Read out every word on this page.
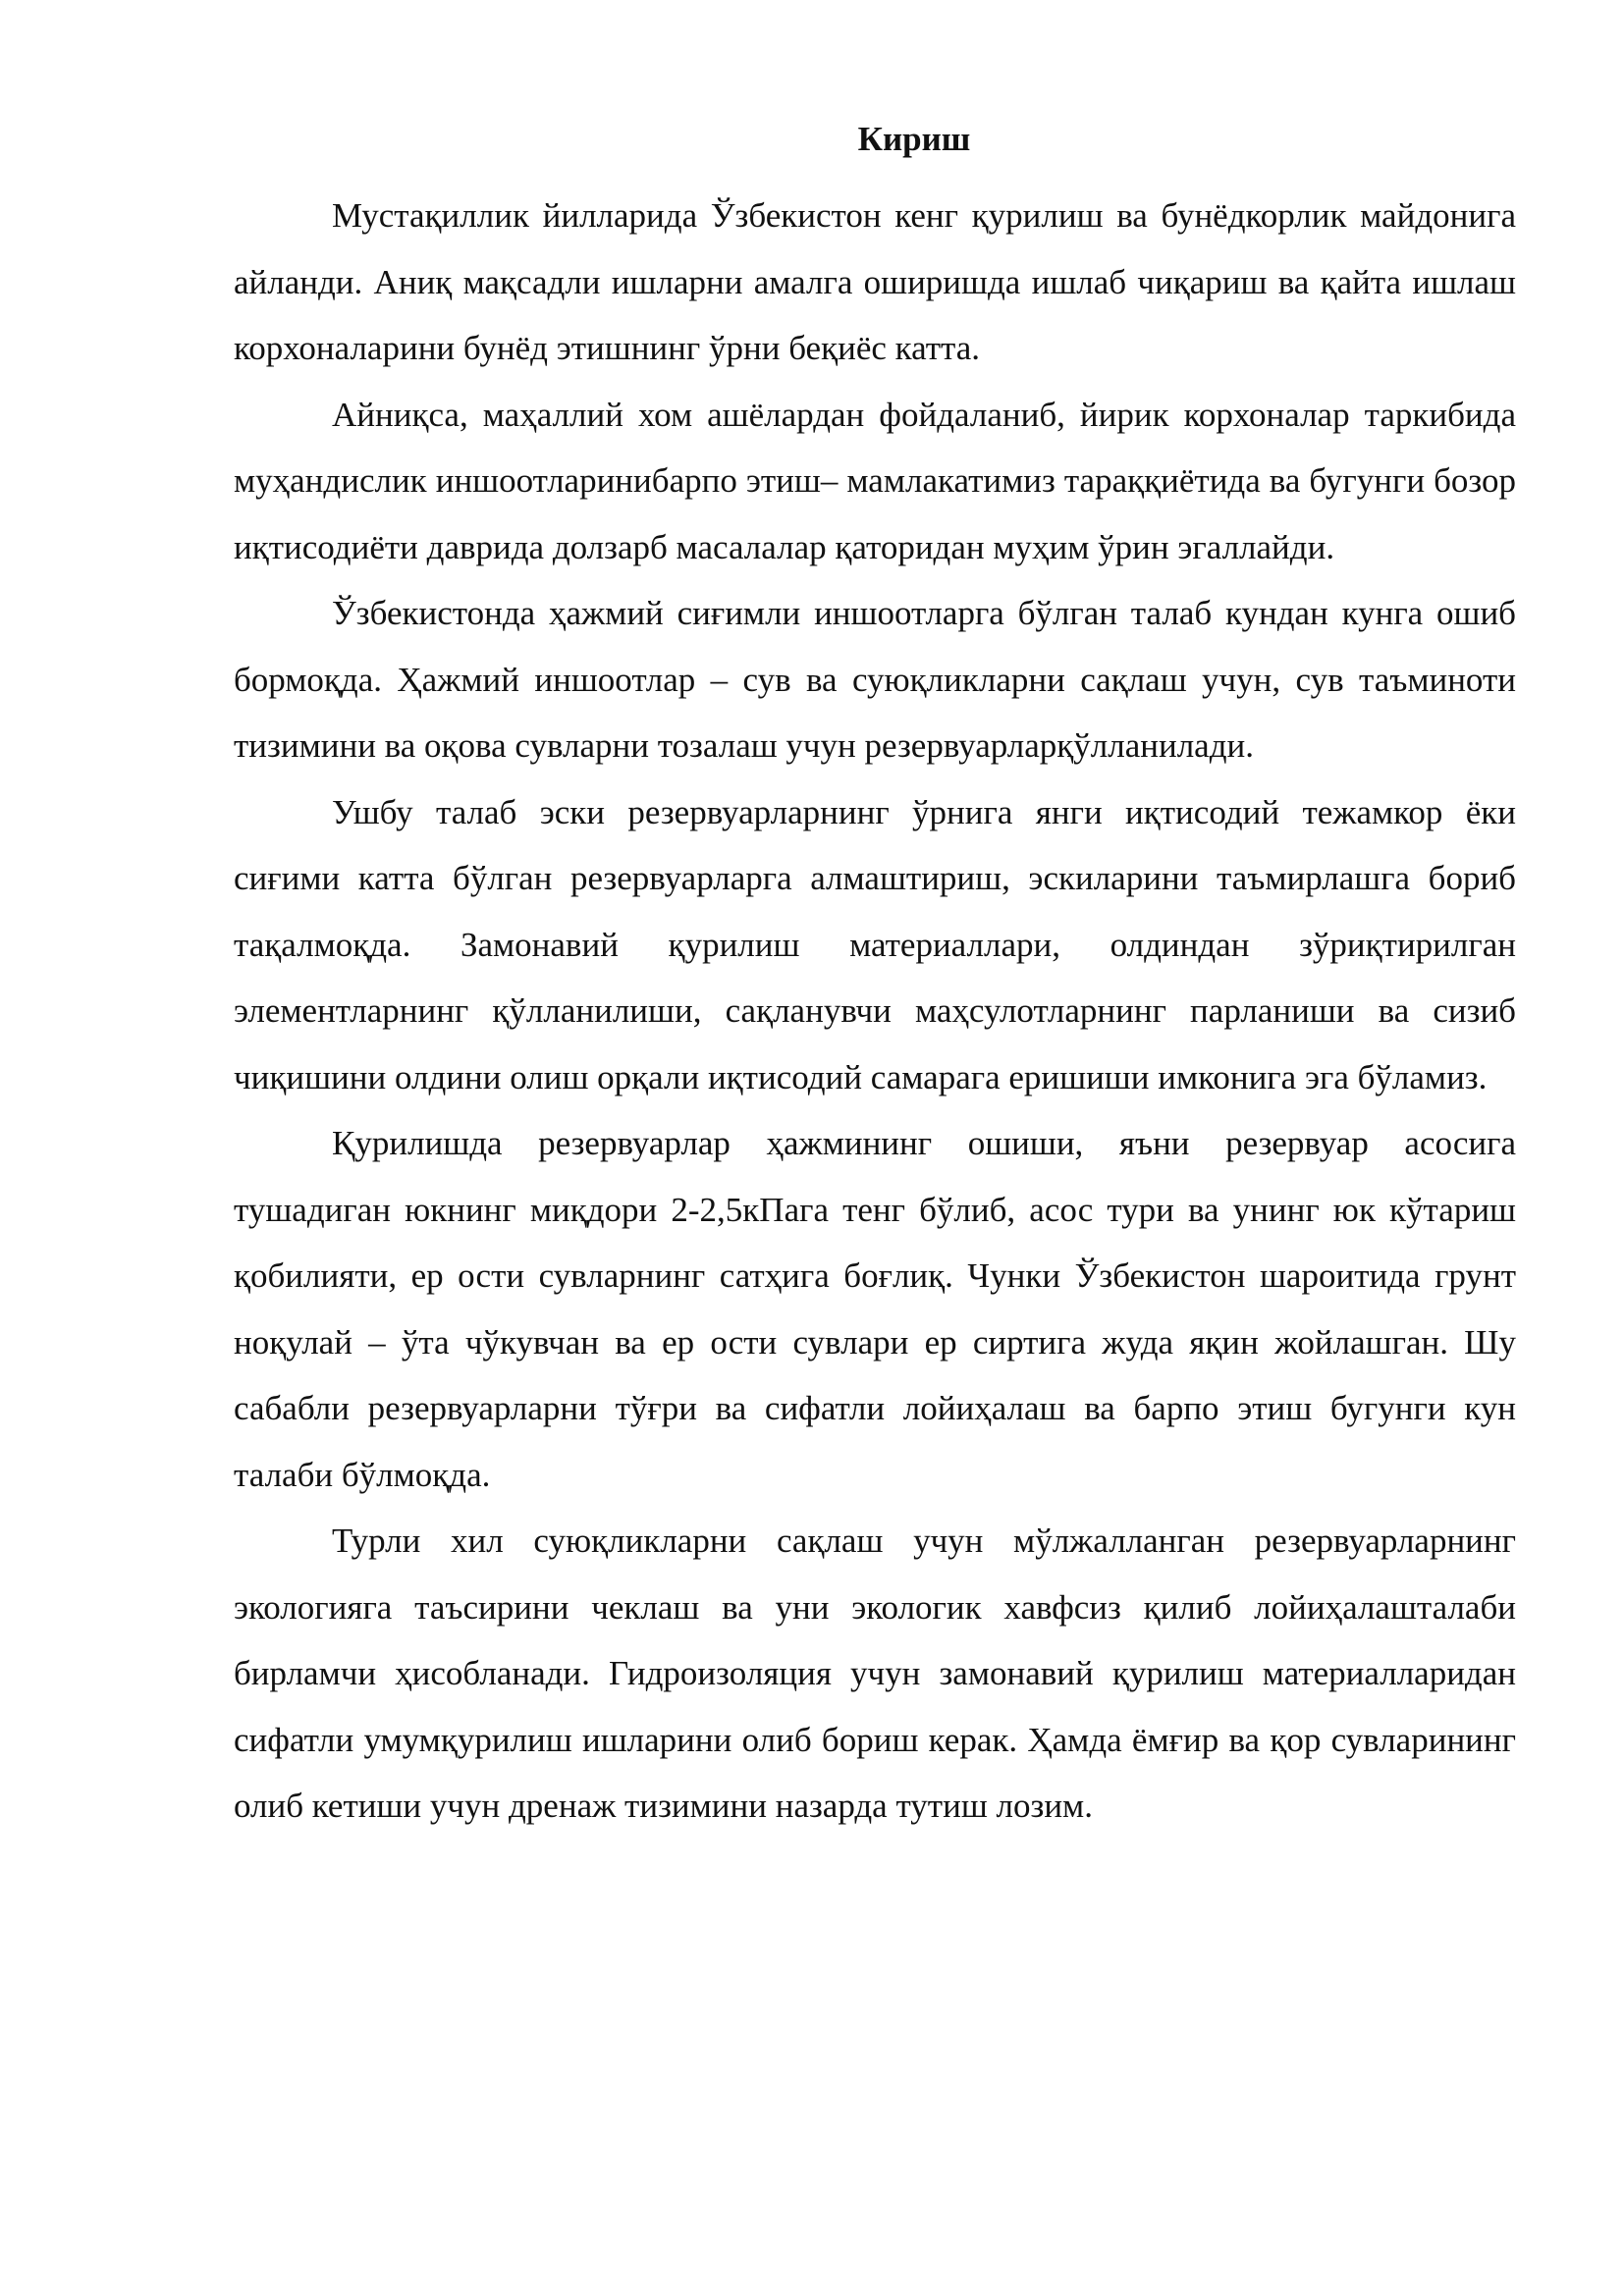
Кириш

Мустақиллик йилларида Ўзбекистон кенг қурилиш ва бунёдкорлик майдонига айланди. Аниқ мақсадли ишларни амалга оширишда ишлаб чиқариш ва қайта ишлаш корхоналарини бунёд этишнинг ўрни беқиёс катта.

Айниқса, маҳаллий хом ашёлардан фойдаланиб, йирик корхоналар таркибида муҳандислик иншоотларинибарпо этиш– мамлакатимиз тараққиётида ва бугунги бозор иқтисодиёти даврида долзарб масалалар қаторидан муҳим ўрин эгаллайди.

Ўзбекистонда ҳажмий сиғимли иншоотларга бўлган талаб кундан кунга ошиб бормоқда. Ҳажмий иншоотлар – сув ва суюқликларни сақлаш учун, сув таъминоти тизимини ва оқова сувларни тозалаш учун резервуарларқўлланилади.

Ушбу талаб эски резервуарларнинг ўрнига янги иқтисодий тежамкор ёки сиғими катта бўлган резервуарларга алмаштириш, эскиларини таъмирлашга бориб тақалмоқда. Замонавий қурилиш материаллари, олдиндан зўриқтирилган элементларнинг қўлланилиши, сақланувчи маҳсулотларнинг парланиши ва сизиб чиқишини олдини олиш орқали иқтисодий самарага еришиши имконига эга бўламиз.

Қурилишда резервуарлар ҳажмининг ошиши, яъни резервуар асосига тушадиган юкнинг миқдори 2-2,5кПага тенг бўлиб, асос тури ва унинг юк кўтариш қобилияти, ер ости сувларнинг сатҳига боғлиқ. Чунки Ўзбекистон шароитида грунт ноқулай – ўта чўкувчан ва ер ости сувлари ер сиртига жуда яқин жойлашган. Шу сабабли резервуарларни тўғри ва сифатли лойиҳалаш ва барпо этиш бугунги кун талаби бўлмоқда.

Турли хил суюқликларни сақлаш учун мўлжалланган резервуарларнинг экологияга таъсирини чеклаш ва уни экологик хавфсиз қилиб лойиҳалашталаби бирламчи ҳисобланади. Гидроизоляция учун замонавий қурилиш материалларидан сифатли умумқурилиш ишларини олиб бориш керак. Ҳамда ёмғир ва қор сувларининг олиб кетиши учун дренаж тизимини назарда тутиш лозим.
